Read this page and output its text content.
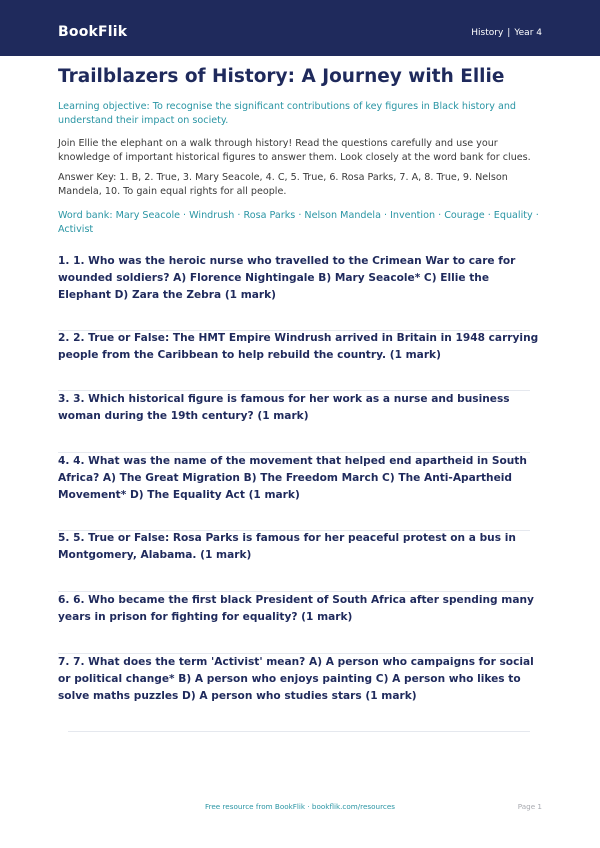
BookFlik	History | Year 4
Trailblazers of History: A Journey with Ellie

Learning objective: To recognise the significant contributions of key figures in Black history and understand their impact on society.

Join Ellie the elephant on a walk through history! Read the questions carefully and use your knowledge of important historical figures to answer them. Look closely at the word bank for clues.

Answer Key: 1. B, 2. True, 3. Mary Seacole, 4. C, 5. True, 6. Rosa Parks, 7. A, 8. True, 9. Nelson Mandela, 10. To gain equal rights for all people.

Word bank: Mary Seacole · Windrush · Rosa Parks · Nelson Mandela · Invention · Courage · Equality · Activist

1. 1. Who was the heroic nurse who travelled to the Crimean War to care for wounded soldiers? A) Florence Nightingale B) Mary Seacole* C) Ellie the Elephant D) Zara the Zebra (1 mark)

2. 2. True or False: The HMT Empire Windrush arrived in Britain in 1948 carrying people from the Caribbean to help rebuild the country. (1 mark)

3. 3. Which historical figure is famous for her work as a nurse and business woman during the 19th century? (1 mark)

4. 4. What was the name of the movement that helped end apartheid in South Africa? A) The Great Migration B) The Freedom March C) The Anti-Apartheid Movement* D) The Equality Act (1 mark)

5. 5. True or False: Rosa Parks is famous for her peaceful protest on a bus in Montgomery, Alabama. (1 mark)

6. 6. Who became the first black President of South Africa after spending many years in prison for fighting for equality? (1 mark)

7. 7. What does the term 'Activist' mean? A) A person who campaigns for social or political change* B) A person who enjoys painting C) A person who likes to solve maths puzzles D) A person who studies stars (1 mark)

Free resource from BookFlik · bookflik.com/resources	Page 1
